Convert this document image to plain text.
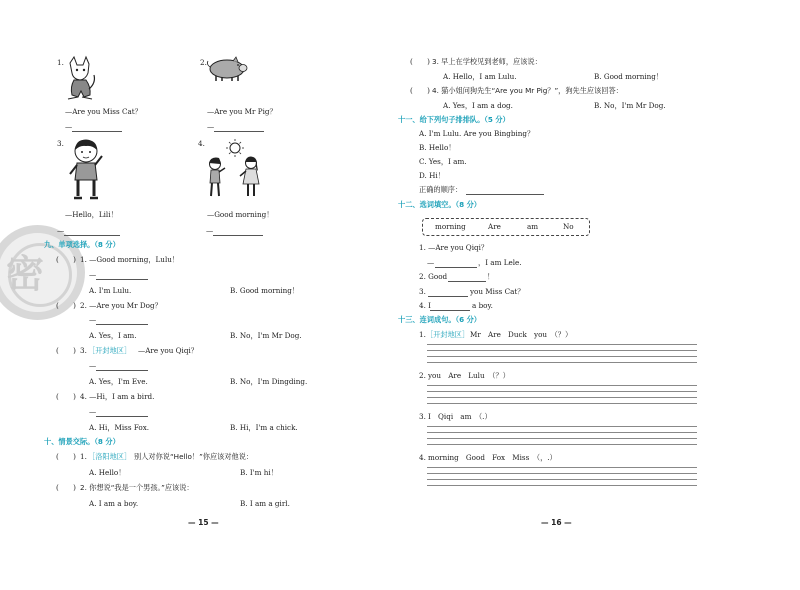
密
1.
—Are you Miss Cat？
—
2.
—Are you Mr Pig？
—
3.
—Hello，Lili！
—
4.
—Good morning！
—
九、单项选择。（8 分）
(　　) 1. —Good morning，Lulu！
—
A. I'm Lulu.	B. Good morning！
(　　) 2. —Are you Mr Dog？
—
A. Yes，I am.	B. No，I'm Mr Dog.
(　　) 3. ［开封地区］ —Are you Qiqi？
—
A. Yes，I'm Eve.	B. No，I'm Dingding.
(　　) 4. —Hi，I am a bird.
—
A. Hi，Miss Fox.	B. Hi，I'm a chick.
十、情景交际。（8 分）
(　　) 1. ［洛阳地区］ 别人对你说“Hello！”你应该对他说：
A. Hello！	B. I'm hi！
(　　) 2. 你想说“我是一个男孩。”应该说：
A. I am a boy.	B. I am a girl.
— 15 —
(　　) 3. 早上在学校见到老师，应该说：
A. Hello，I am Lulu.	B. Good morning！
(　　) 4. 猫小姐问狗先生“Are you Mr Pig？”，狗先生应该回答：
A. Yes，I am a dog.	B. No，I'm Mr Dog.
十一、给下列句子排排队。（5 分）
A. I'm Lulu. Are you Bingbing？
B. Hello！
C. Yes，I am.
D. Hi！
正确的顺序：
十二、选词填空。（8 分）
morning	Are	am	No
1. —Are you Qiqi？
—	，I am Lele.
2. Good	！
3.	you Miss Cat？
4. I	a boy.
十三、连词成句。（6 分）
1. ［开封地区］ Mr　Are　Duck　you　（？）
2. you　Are　Lulu　（？）
3. I　Qiqi　am　（.）
4. morning　Good　Fox　Miss　（，.）
— 16 —
